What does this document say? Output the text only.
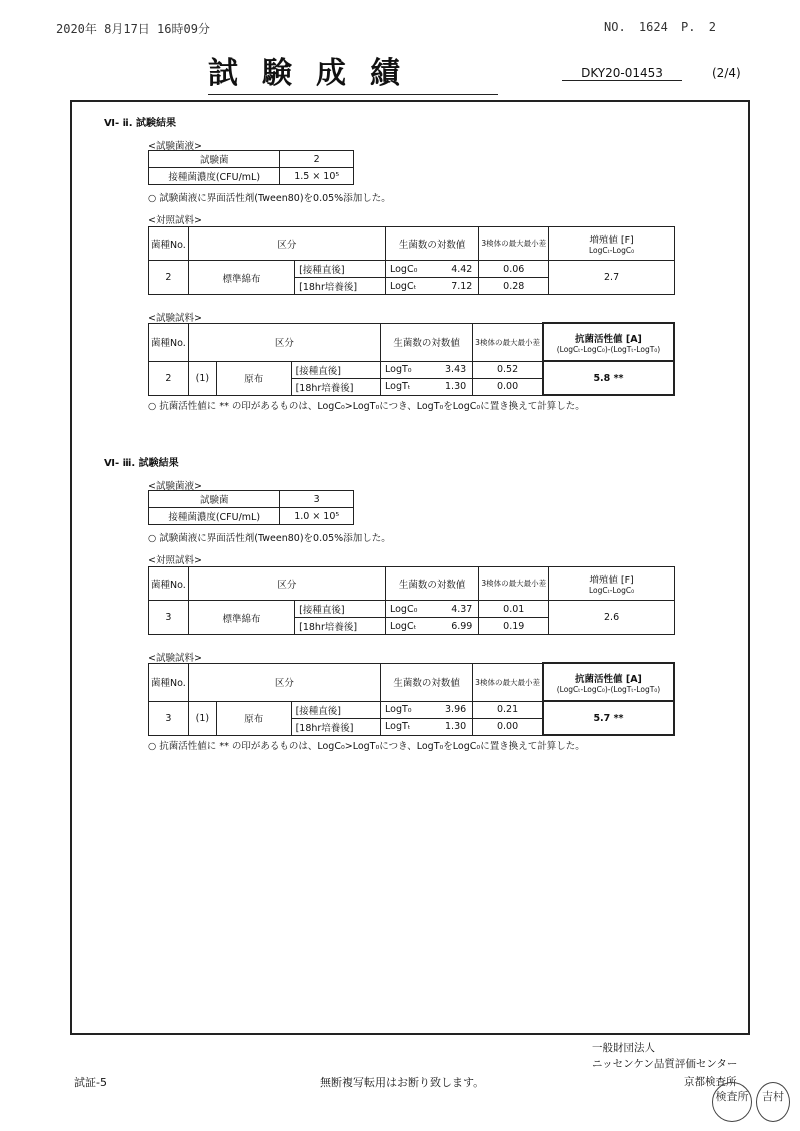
2020年 8月17日 16時09分	NO. 1624 P. 2
試験成績	DKY20-01453	(2/4)
Ⅵ- ⅱ. 試験結果
<試験菌液>
試験菌	2
接種菌濃度(CFU/mL)	1.5 × 10⁵
○ 試験菌液に界面活性剤(Tween80)を0.05%添加した。
<対照試料>
菌種No.	区分		生菌数の対数値	3検体の最大最小差	増殖値 [F]
LogCₜ-LogC₀

2	標準綿布	[接種直後]	LogC₀ 4.42	0.06	2.7
		[18hr培養後]	LogCₜ 7.12	0.28	
<試験試料>
菌種No.	区分			生菌数の対数値	3検体の最大最小差	抗菌活性値 [A]
(LogCₜ-LogC₀)-(LogTₜ-LogT₀)

2	(1)	原布	[接種直後]	LogT₀ 3.43	0.52	5.8 **
			[18hr培養後]	LogTₜ 1.30	0.00	
○ 抗菌活性値に ** の印があるものは、LogC₀>LogT₀につき、LogT₀をLogC₀に置き換えて計算した。
Ⅵ- ⅲ. 試験結果
<試験菌液>
試験菌	3
接種菌濃度(CFU/mL)	1.0 × 10⁵
○ 試験菌液に界面活性剤(Tween80)を0.05%添加した。
<対照試料>
菌種No.	区分		生菌数の対数値	3検体の最大最小差	増殖値 [F]
LogCₜ-LogC₀

3	標準綿布	[接種直後]	LogC₀ 4.37	0.01	2.6
		[18hr培養後]	LogCₜ 6.99	0.19	
<試験試料>
菌種No.	区分			生菌数の対数値	3検体の最大最小差	抗菌活性値 [A]
(LogCₜ-LogC₀)-(LogTₜ-LogT₀)

3	(1)	原布	[接種直後]	LogT₀ 3.96	0.21	5.7 **
			[18hr培養後]	LogTₜ 1.30	0.00	
○ 抗菌活性値に ** の印があるものは、LogC₀>LogT₀につき、LogT₀をLogC₀に置き換えて計算した。
一般財団法人
ニッセンケン品質評価センター
試証-5	無断複写転用はお断り致します。	京都検査所
検査所	吉村
